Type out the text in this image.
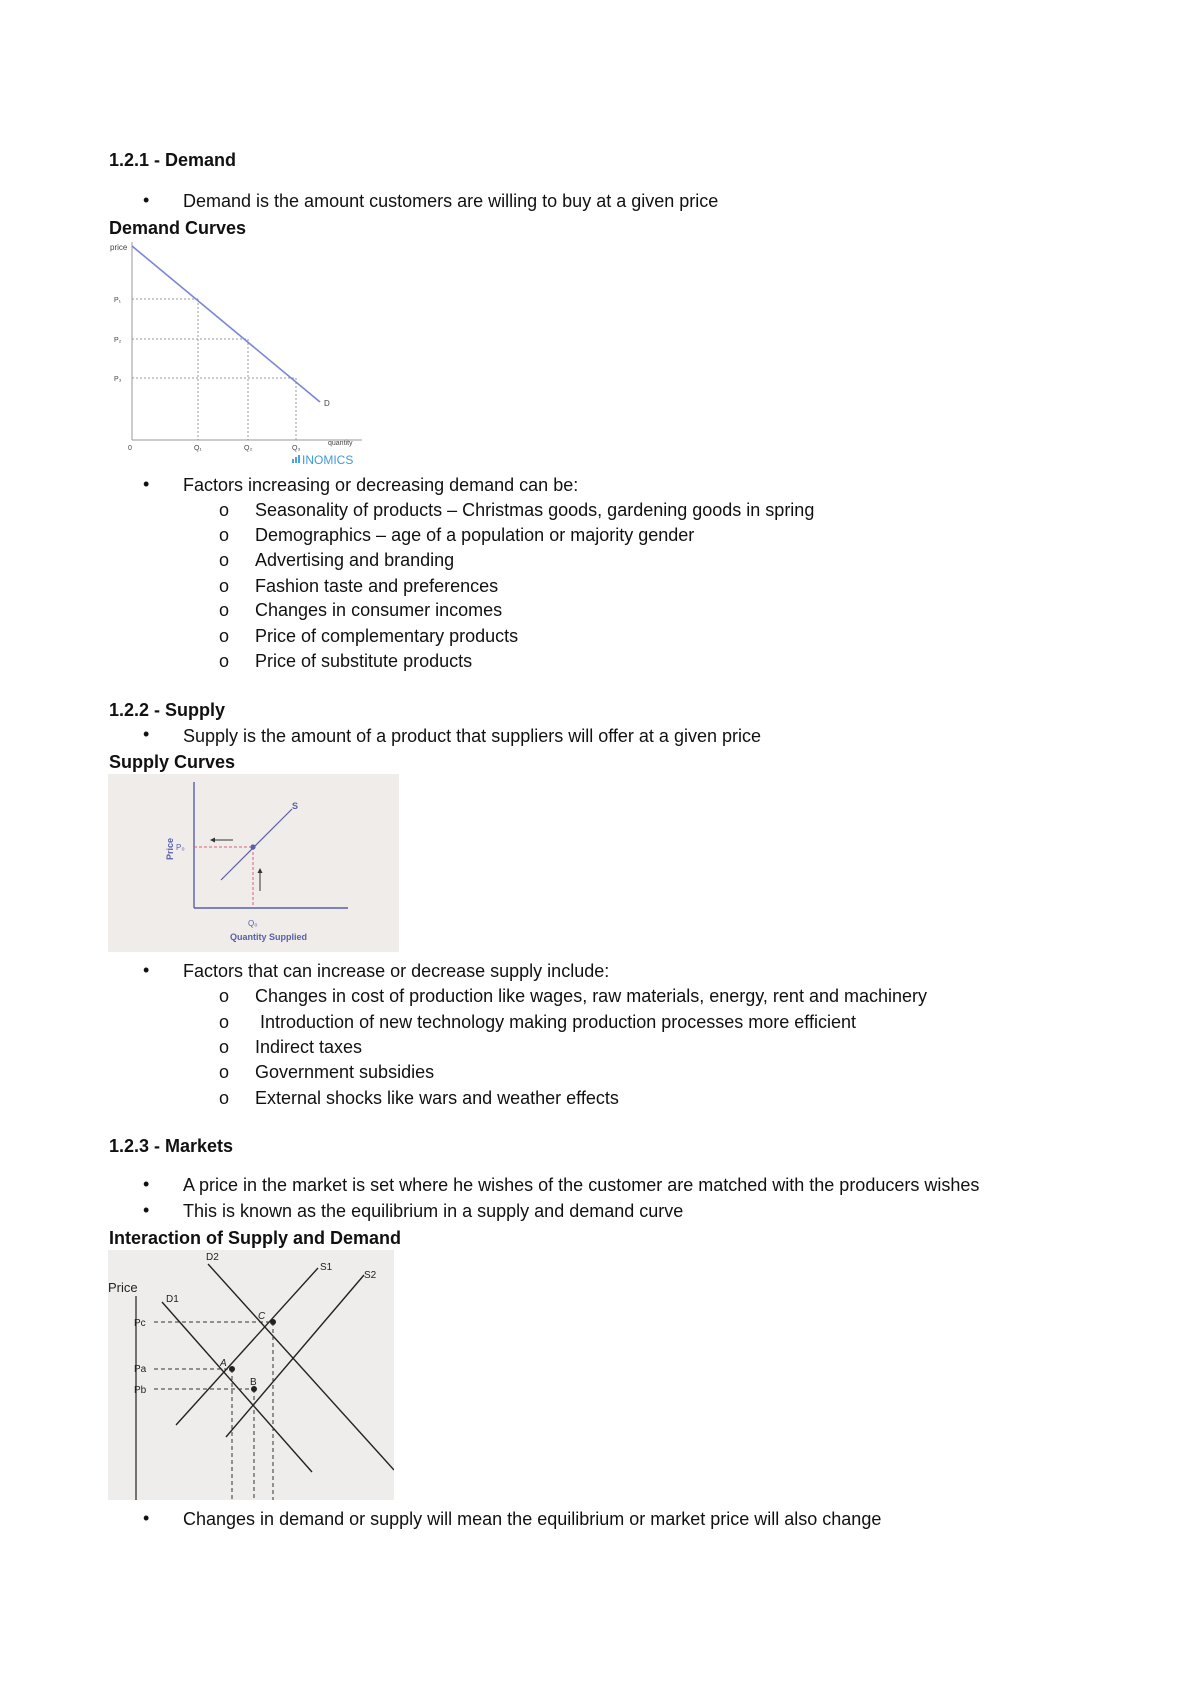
1.2.1 - Demand
• Demand is the amount customers are willing to buy at a given price
Demand Curves
price
D
P₁
P₂
P₃
0	Q₁	Q₂	Q₃
quantity
INOMICS
• Factors increasing or decreasing demand can be:
o Seasonality of products – Christmas goods, gardening goods in spring
o Demographics – age of a population or majority gender
o Advertising and branding
o Fashion taste and preferences
o Changes in consumer incomes
o Price of complementary products
o Price of substitute products
1.2.2 - Supply
• Supply is the amount of a product that suppliers will offer at a given price
Supply Curves
S
Price P₀
Q₀
Quantity Supplied
• Factors that can increase or decrease supply include:
o Changes in cost of production like wages, raw materials, energy, rent and machinery
o Introduction of new technology making production processes more efficient
o Indirect taxes
o Government subsidies
o External shocks like wars and weather effects
1.2.3 - Markets
• A price in the market is set where he wishes of the customer are matched with the producers wishes
• This is known as the equilibrium in a supply and demand curve
Interaction of Supply and Demand
Price
A
B
C
Pc
Pa
Pb
D2
D1
S1
S2
• Changes in demand or supply will mean the equilibrium or market price will also change
